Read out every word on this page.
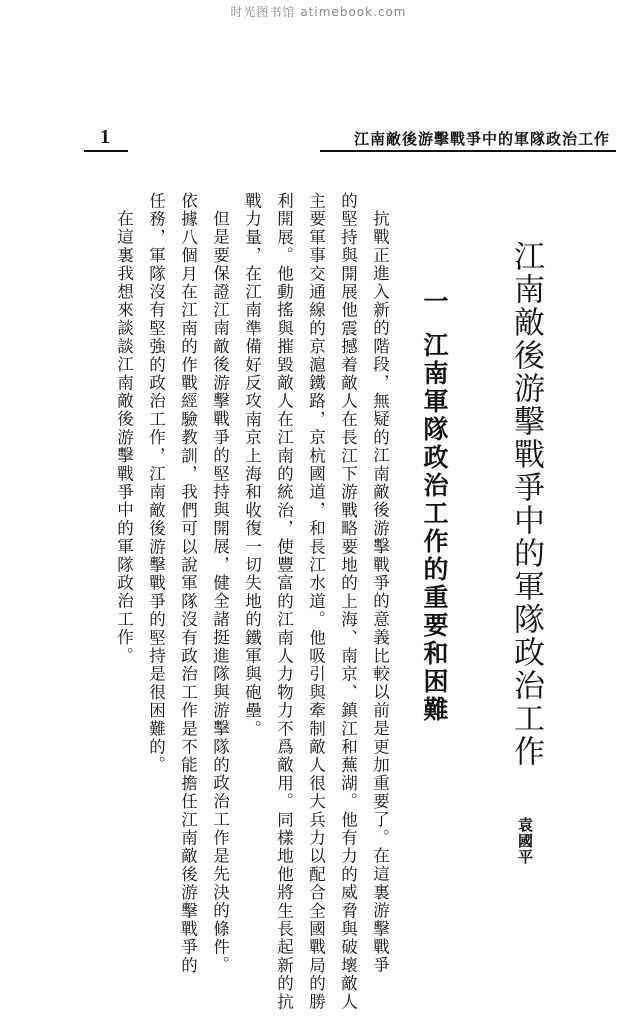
时光图书馆 atimebook.com
1	江南敵後游擊戰爭中的軍隊政治工作
江南敵後游擊戰爭中的軍隊政治工作
袁國平
一江南軍隊政治工作的重要和困難
抗戰正進入新的階段，無疑的江南敵後游擊戰爭的意義比較以前是更加重要了。在這裏游擊戰爭
的堅持與開展他震撼着敵人在長江下游戰略要地的上海、南京、鎮江和蕪湖。他有力的威脅與破壞敵人
主要軍事交通線的京滬鐵路，京杭國道，和長江水道。他吸引與牽制敵人很大兵力以配合全國戰局的勝
利開展。他動搖與摧毀敵人在江南的統治，使豐富的江南人力物力不爲敵用。同樣地他將生長起新的抗
戰力量，在江南準備好反攻南京上海和收復一切失地的鐵軍與砲壘。
但是要保證江南敵後游擊戰爭的堅持與開展，健全諸挺進隊與游擊隊的政治工作是先決的條件。
依據八個月在江南的作戰經驗教訓，我們可以說軍隊沒有政治工作是不能擔任江南敵後游擊戰爭的
任務，軍隊沒有堅強的政治工作，江南敵後游擊戰爭的堅持是很困難的。
在這裏我想來談談江南敵後游擊戰爭中的軍隊政治工作。
